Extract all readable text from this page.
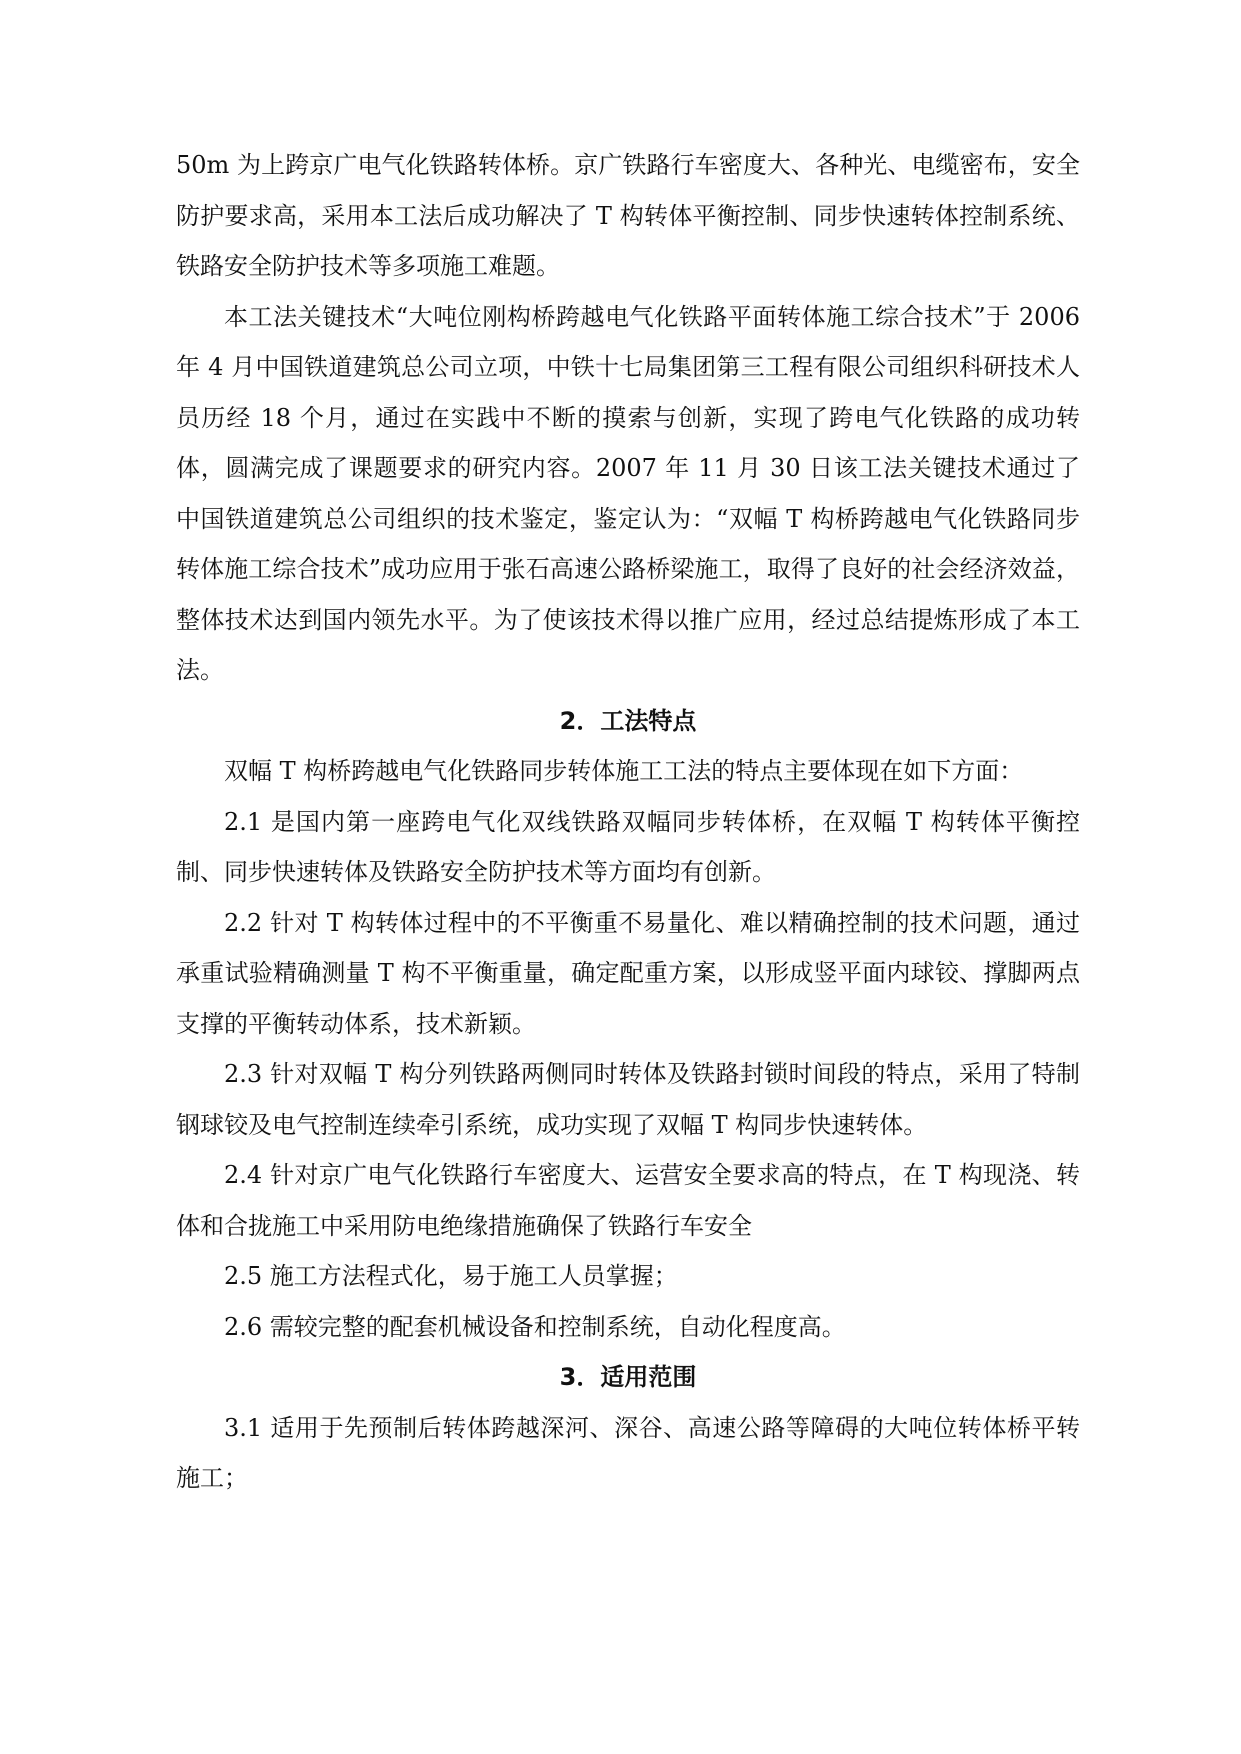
50m 为上跨京广电气化铁路转体桥。京广铁路行车密度大、各种光、电缆密布，安全防护要求高，采用本工法后成功解决了 T 构转体平衡控制、同步快速转体控制系统、铁路安全防护技术等多项施工难题。

本工法关键技术“大吨位刚构桥跨越电气化铁路平面转体施工综合技术”于 2006 年 4 月中国铁道建筑总公司立项，中铁十七局集团第三工程有限公司组织科研技术人员历经 18 个月，通过在实践中不断的摸索与创新，实现了跨电气化铁路的成功转体，圆满完成了课题要求的研究内容。2007 年 11 月 30 日该工法关键技术通过了中国铁道建筑总公司组织的技术鉴定，鉴定认为：“双幅 T 构桥跨越电气化铁路同步转体施工综合技术”成功应用于张石高速公路桥梁施工，取得了良好的社会经济效益，整体技术达到国内领先水平。为了使该技术得以推广应用，经过总结提炼形成了本工法。

2．工法特点

双幅 T 构桥跨越电气化铁路同步转体施工工法的特点主要体现在如下方面：

2.1 是国内第一座跨电气化双线铁路双幅同步转体桥，在双幅 T 构转体平衡控制、同步快速转体及铁路安全防护技术等方面均有创新。

2.2 针对 T 构转体过程中的不平衡重不易量化、难以精确控制的技术问题，通过承重试验精确测量 T 构不平衡重量，确定配重方案，以形成竖平面内球铰、撑脚两点支撑的平衡转动体系，技术新颖。

2.3 针对双幅 T 构分列铁路两侧同时转体及铁路封锁时间段的特点，采用了特制钢球铰及电气控制连续牵引系统，成功实现了双幅 T 构同步快速转体。

2.4 针对京广电气化铁路行车密度大、运营安全要求高的特点，在 T 构现浇、转体和合拢施工中采用防电绝缘措施确保了铁路行车安全

2.5 施工方法程式化，易于施工人员掌握；

2.6 需较完整的配套机械设备和控制系统，自动化程度高。

3．适用范围

3.1 适用于先预制后转体跨越深河、深谷、高速公路等障碍的大吨位转体桥平转施工；
